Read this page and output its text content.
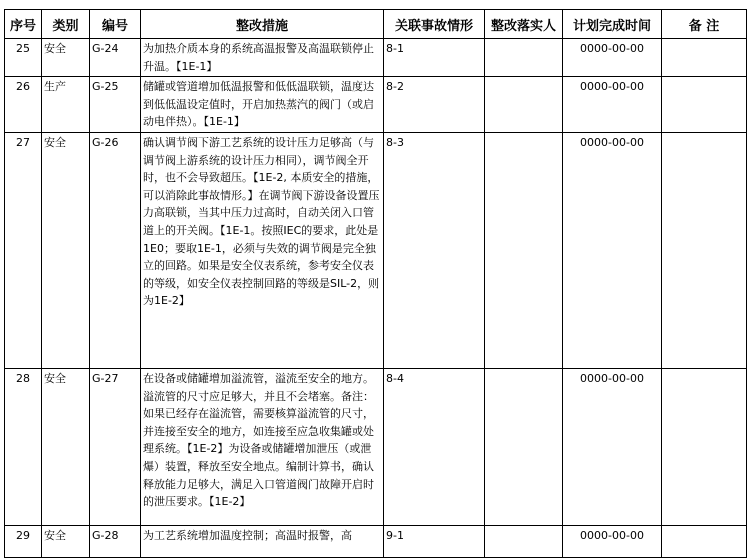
序号	类别	编号	整改措施	关联事故情形	整改落实人	计划完成时间	备 注
25	安全	G-24	为加热介质本身的系统高温报警及高温联锁停止升温。【1E-1】	8-1		0000-00-00	
26	生产	G-25	储罐或管道增加低温报警和低低温联锁，温度达到低低温设定值时，开启加热蒸汽的阀门（或启动电伴热）。【1E-1】	8-2		0000-00-00	
27	安全	G-26	确认调节阀下游工艺系统的设计压力足够高（与调节阀上游系统的设计压力相同），调节阀全开时，也不会导致超压。【1E-2, 本质安全的措施，可以消除此事故情形。】在调节阀下游设备设置压力高联锁，当其中压力过高时，自动关闭入口管道上的开关阀。【1E-1。按照IEC的要求，此处是1E0；要取1E-1，必须与失效的调节阀是完全独立的回路。如果是安全仪表系统，参考安全仪表的等级，如安全仪表控制回路的等级是SIL-2，则为1E-2】	8-3		0000-00-00	
28	安全	G-27	在设备或储罐增加溢流管，溢流至安全的地方。溢流管的尺寸应足够大，并且不会堵塞。备注：如果已经存在溢流管，需要核算溢流管的尺寸，并连接至安全的地方，如连接至应急收集罐或处理系统。【1E-2】为设备或储罐增加泄压（或泄爆）装置，释放至安全地点。编制计算书，确认释放能力足够大，满足入口管道阀门故障开启时的泄压要求。【1E-2】	8-4		0000-00-00	
29	安全	G-28	为工艺系统增加温度控制；高温时报警，高	9-1		0000-00-00	
